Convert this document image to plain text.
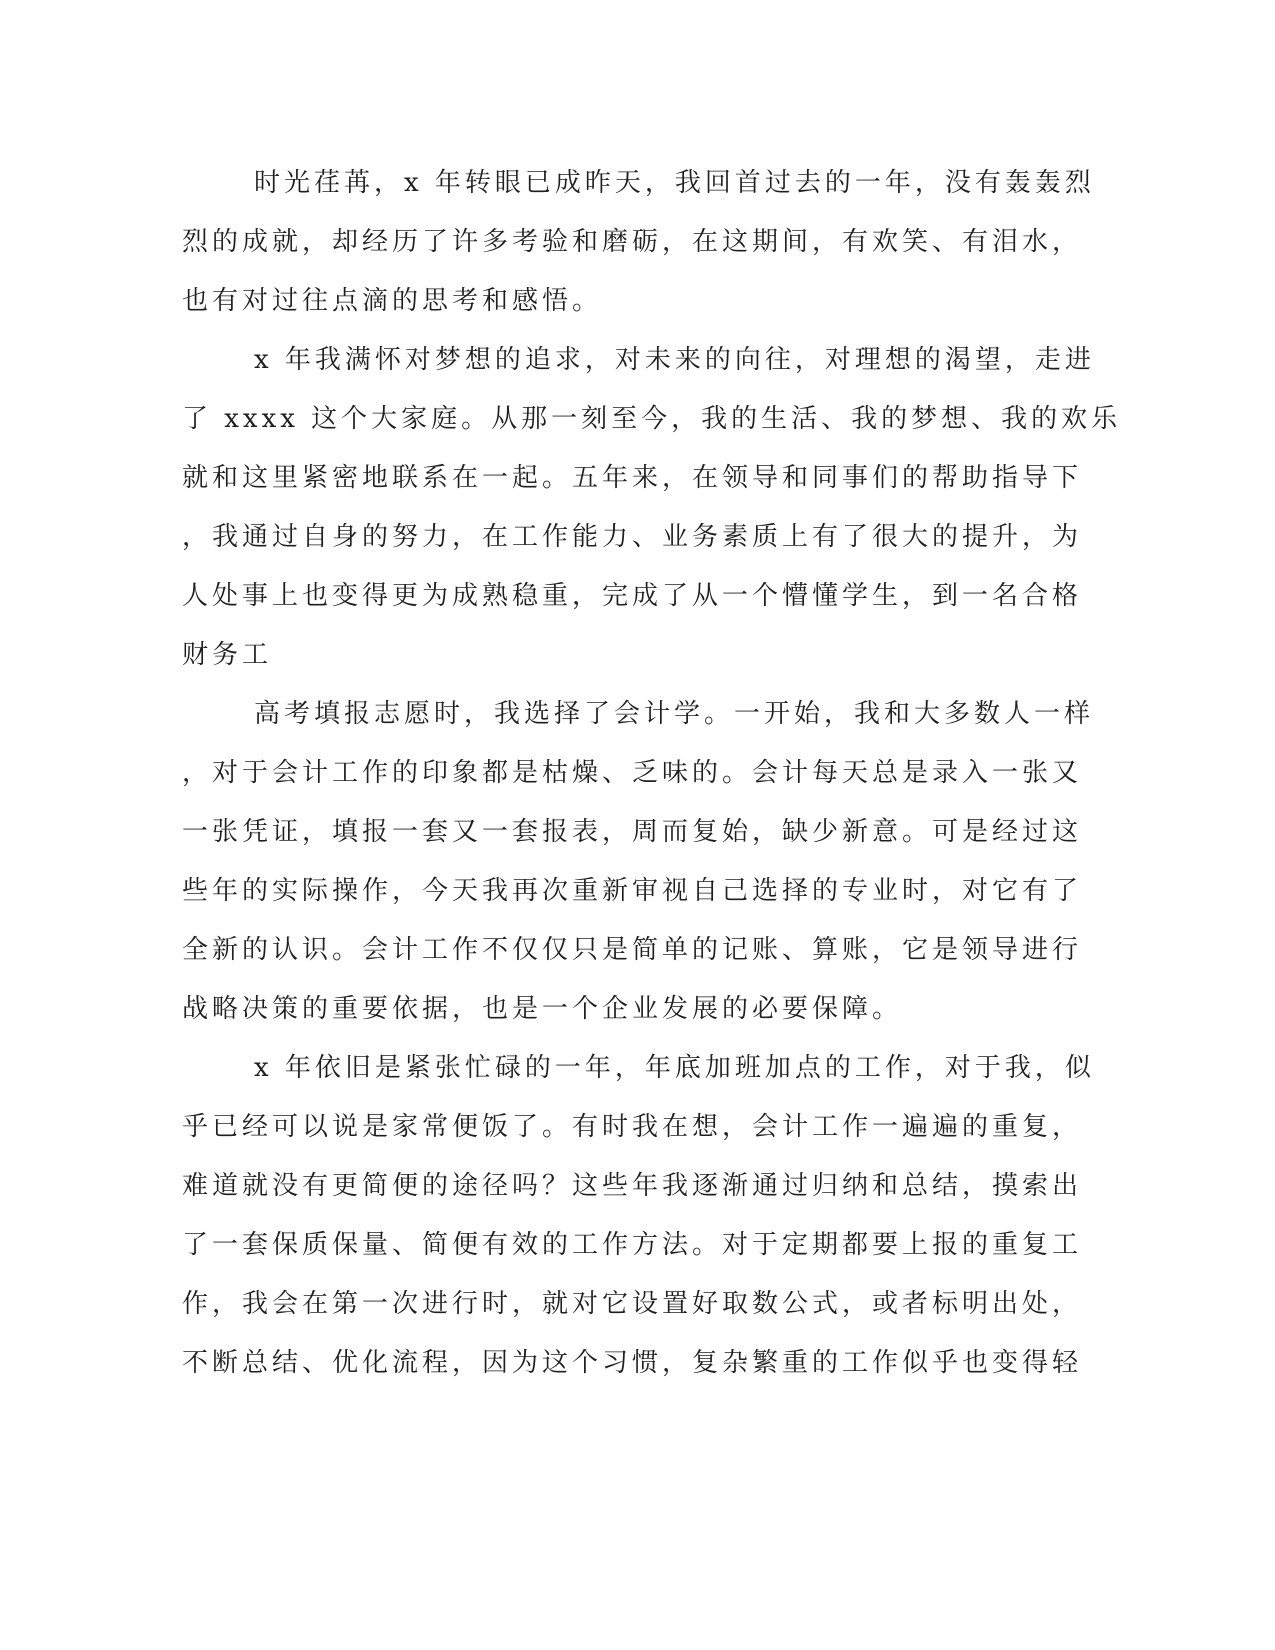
时光荏苒，x 年转眼已成昨天，我回首过去的一年，没有轰轰烈
烈的成就，却经历了许多考验和磨砺，在这期间，有欢笑、有泪水，
也有对过往点滴的思考和感悟。
x 年我满怀对梦想的追求，对未来的向往，对理想的渴望，走进
了 xxxx 这个大家庭。从那一刻至今，我的生活、我的梦想、我的欢乐
就和这里紧密地联系在一起。五年来，在领导和同事们的帮助指导下
，我通过自身的努力，在工作能力、业务素质上有了很大的提升，为
人处事上也变得更为成熟稳重，完成了从一个懵懂学生，到一名合格
财务工
高考填报志愿时，我选择了会计学。一开始，我和大多数人一样
，对于会计工作的印象都是枯燥、乏味的。会计每天总是录入一张又
一张凭证，填报一套又一套报表，周而复始，缺少新意。可是经过这
些年的实际操作，今天我再次重新审视自己选择的专业时，对它有了
全新的认识。会计工作不仅仅只是简单的记账、算账，它是领导进行
战略决策的重要依据，也是一个企业发展的必要保障。
x 年依旧是紧张忙碌的一年，年底加班加点的工作，对于我，似
乎已经可以说是家常便饭了。有时我在想，会计工作一遍遍的重复，
难道就没有更简便的途径吗？这些年我逐渐通过归纳和总结，摸索出
了一套保质保量、简便有效的工作方法。对于定期都要上报的重复工
作，我会在第一次进行时，就对它设置好取数公式，或者标明出处，
不断总结、优化流程，因为这个习惯，复杂繁重的工作似乎也变得轻
